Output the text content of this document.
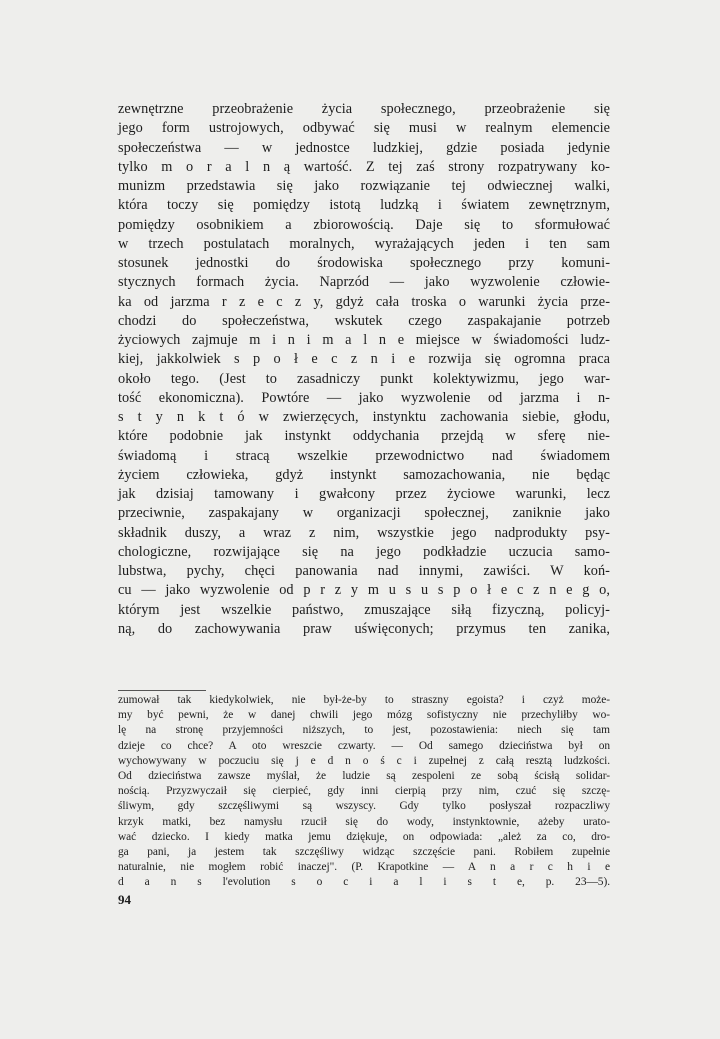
zewnętrzne przeobrażenie życia społecznego, przeobrażenie się
jego form ustrojowych, odbywać się musi w realnym elemencie
społeczeństwa — w jednostce ludzkiej, gdzie posiada jedynie
tylko m o r a l n ą wartość. Z tej zaś strony rozpatrywany ko-
munizm przedstawia się jako rozwiązanie tej odwiecznej walki,
która toczy się pomiędzy istotą ludzką i światem zewnętrznym,
pomiędzy osobnikiem a zbiorowością. Daje się to sformułować
w trzech postulatach moralnych, wyrażających jeden i ten sam
stosunek jednostki do środowiska społecznego przy komuni-
stycznych formach życia. Naprzód — jako wyzwolenie człowie-
ka od jarzma r z e c z y, gdyż cała troska o warunki życia prze-
chodzi do społeczeństwa, wskutek czego zaspakajanie potrzeb
życiowych zajmuje m i n i m a l n e miejsce w świadomości ludz-
kiej, jakkolwiek s p o ł e c z n i e rozwija się ogromna praca
około tego. (Jest to zasadniczy punkt kolektywizmu, jego war-
tość ekonomiczna). Powtóre — jako wyzwolenie od jarzma i n-
s t y n k t ó w zwierzęcych, instynktu zachowania siebie, głodu,
które podobnie jak instynkt oddychania przejdą w sferę nie-
świadomą i stracą wszelkie przewodnictwo nad świadomem
życiem człowieka, gdyż instynkt samozachowania, nie będąc
jak dzisiaj tamowany i gwałcony przez życiowe warunki, lecz
przeciwnie, zaspakajany w organizacji społecznej, zaniknie jako
składnik duszy, a wraz z nim, wszystkie jego nadprodukty psy-
chologiczne, rozwijające się na jego podkładzie uczucia samo-
lubstwa, pychy, chęci panowania nad innymi, zawiści. W koń-
cu — jako wyzwolenie od p r z y m u s u s p o ł e c z n e g o,
którym jest wszelkie państwo, zmuszające siłą fizyczną, policyj-
ną, do zachowywania praw uświęconych; przymus ten zanika,
zumował tak kiedykolwiek, nie był-że-by to straszny egoista? i czyż może-
my być pewni, że w danej chwili jego mózg sofistyczny nie przechyliłby wo-
lę na stronę przyjemności niższych, to jest, pozostawienia: niech się tam
dzieje co chce? A oto wreszcie czwarty. — Od samego dzieciństwa był on
wychowywany w poczuciu się j e d n o ś c i zupełnej z całą resztą ludzkości.
Od dzieciństwa zawsze myślał, że ludzie są zespoleni ze sobą ścisłą solidar-
nością. Przyzwyczaił się cierpieć, gdy inni cierpią przy nim, czuć się szczę-
śliwym, gdy szczęśliwymi są wszyscy. Gdy tylko posłyszał rozpaczliwy
krzyk matki, bez namysłu rzucił się do wody, instynktownie, ażeby urato-
wać dziecko. I kiedy matka jemu dziękuje, on odpowiada: „ależ za co, dro-
ga pani, ja jestem tak szczęśliwy widząc szczęście pani. Robiłem zupełnie
naturalnie, nie mogłem robić inaczej". (P. Krapotkine — A n a r c h i e
d a n s l'evolution s o c i a l i s t e, p. 23—5).
94
